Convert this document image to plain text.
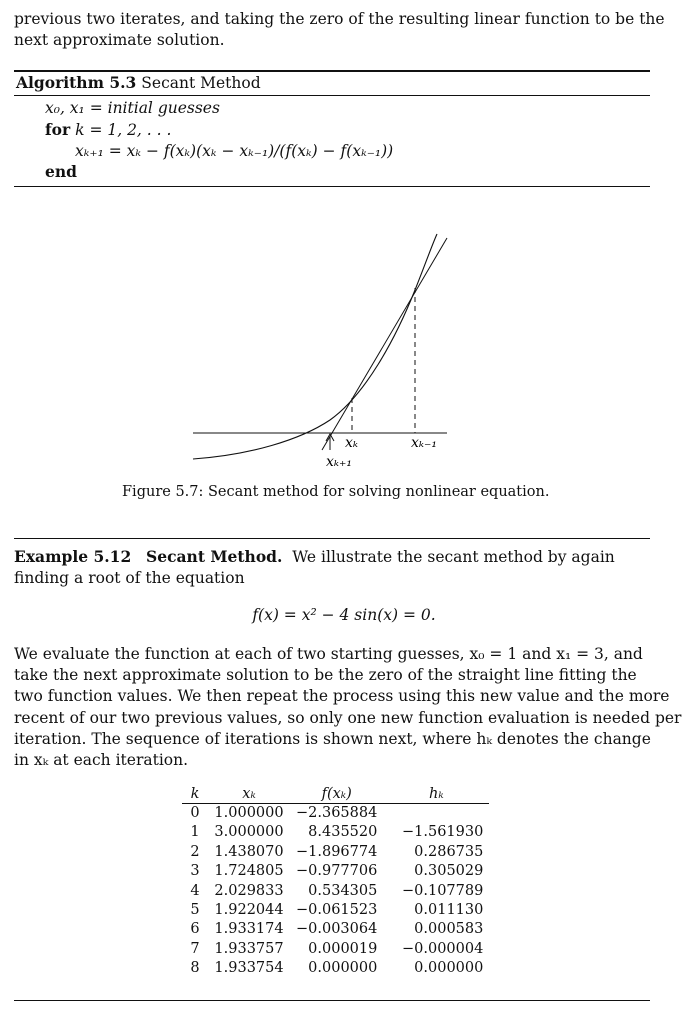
previous two iterates, and taking the zero of the resulting linear function to be the
next approximate solution.
Algorithm 5.3 Secant Method
x₀, x₁ = initial guesses
for k = 1, 2, . . .
xₖ₊₁ = xₖ − f(xₖ)(xₖ − xₖ₋₁)/(f(xₖ) − f(xₖ₋₁))
end
xₖ	xₖ₋₁
xₖ₊₁
Figure 5.7: Secant method for solving nonlinear equation.
Example 5.12 Secant Method. We illustrate the secant method by again
finding a root of the equation
f(x) = x² − 4 sin(x) = 0.
We evaluate the function at each of two starting guesses, x₀ = 1 and x₁ = 3, and
take the next approximate solution to be the zero of the straight line fitting the
two function values. We then repeat the process using this new value and the more
recent of our two previous values, so only one new function evaluation is needed per
iteration. The sequence of iterations is shown next, where hₖ denotes the change
in xₖ at each iteration.
k	xₖ	f(xₖ)	hₖ
0	1.000000	−2.365884	
1	3.000000	8.435520	−1.561930
2	1.438070	−1.896774	0.286735
3	1.724805	−0.977706	0.305029
4	2.029833	0.534305	−0.107789
5	1.922044	−0.061523	0.011130
6	1.933174	−0.003064	0.000583
7	1.933757	0.000019	−0.000004
8	1.933754	0.000000	0.000000
